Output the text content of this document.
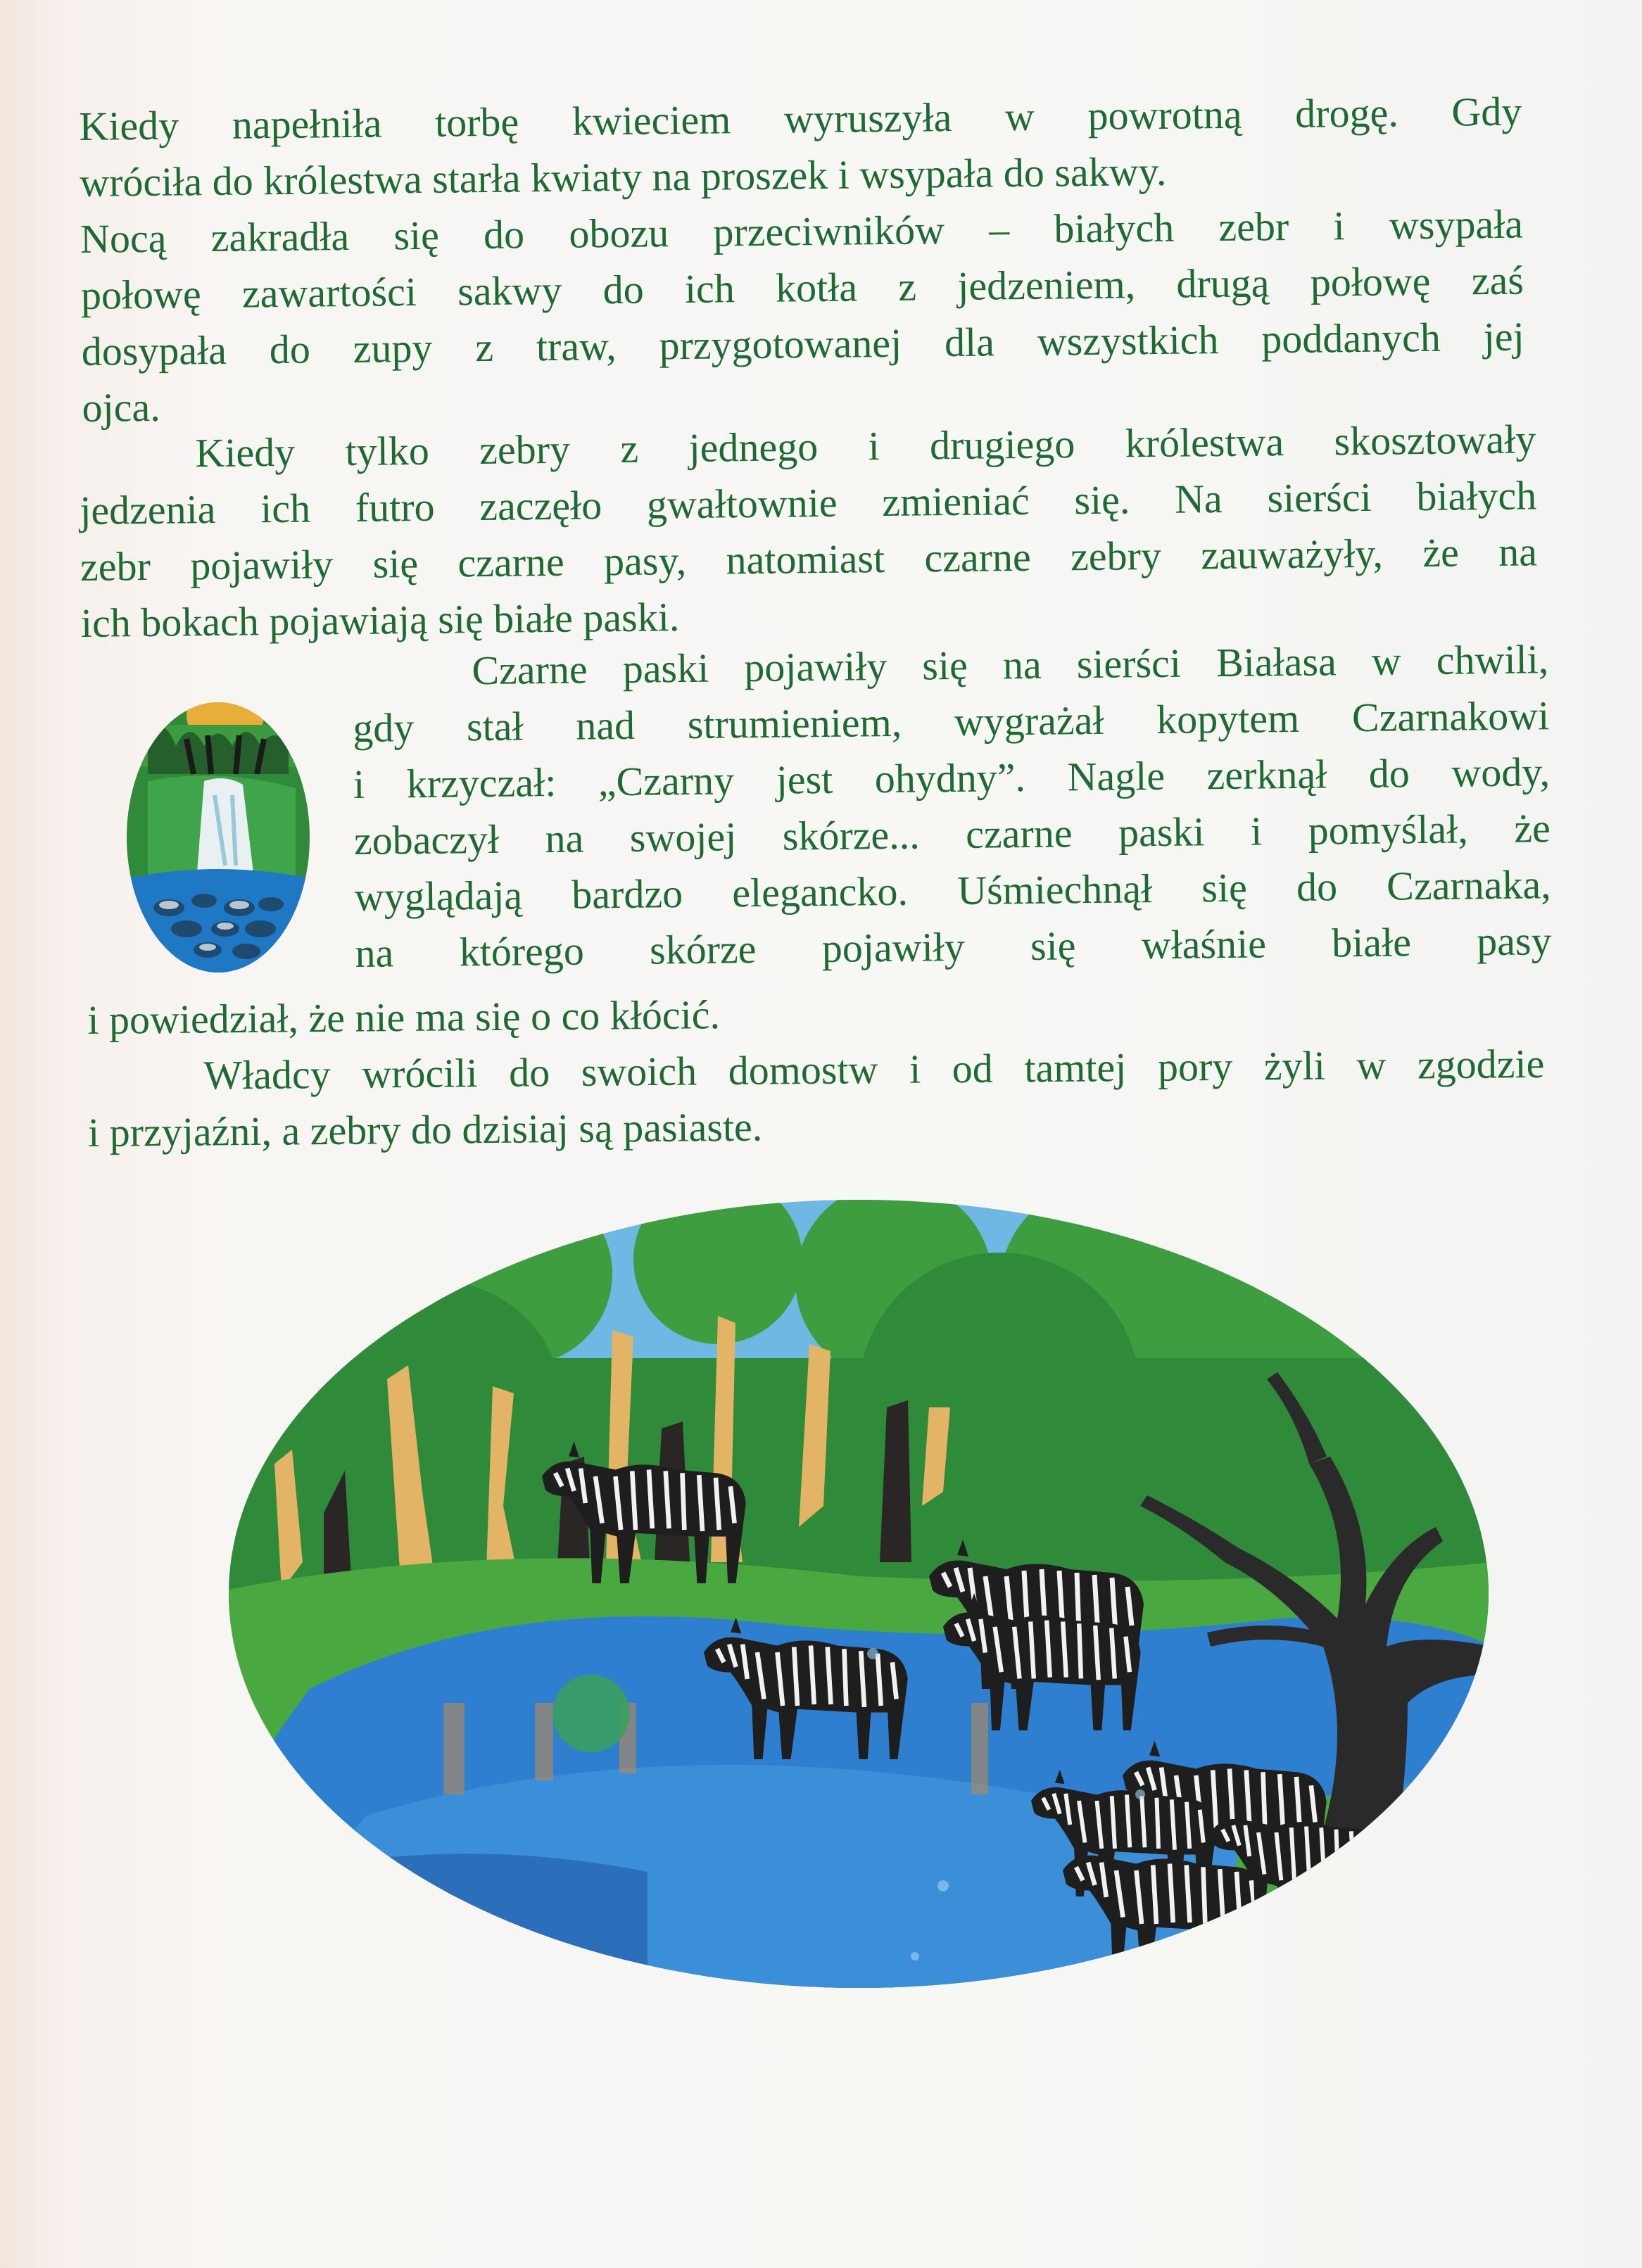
Kiedy napełniła torbę kwieciem wyruszyła w powrotną drogę. Gdy
wróciła do królestwa starła kwiaty na proszek i wsypała do sakwy.
Nocą zakradła się do obozu przeciwników – białych zebr i wsypała
połowę zawartości sakwy do ich kotła z jedzeniem, drugą połowę zaś
dosypała do zupy z traw, przygotowanej dla wszystkich poddanych jej
ojca.

Kiedy tylko zebry z jednego i drugiego królestwa skosztowały
jedzenia ich futro zaczęło gwałtownie zmieniać się. Na sierści białych
zebr pojawiły się czarne pasy, natomiast czarne zebry zauważyły, że na
ich bokach pojawiają się białe paski.

Czarne paski pojawiły się na sierści Białasa w chwili,
gdy stał nad strumieniem, wygrażał kopytem Czarnakowi
i krzyczał: „Czarny jest ohydny”. Nagle zerknął do wody,
zobaczył na swojej skórze... czarne paski i pomyślał, że
wyglądają bardzo elegancko. Uśmiechnął się do Czarnaka,
na którego skórze pojawiły się właśnie białe pasy

i powiedział, że nie ma się o co kłócić.

Władcy wrócili do swoich domostw i od tamtej pory żyli w zgodzie
i przyjaźni, a zebry do dzisiaj są pasiaste.
